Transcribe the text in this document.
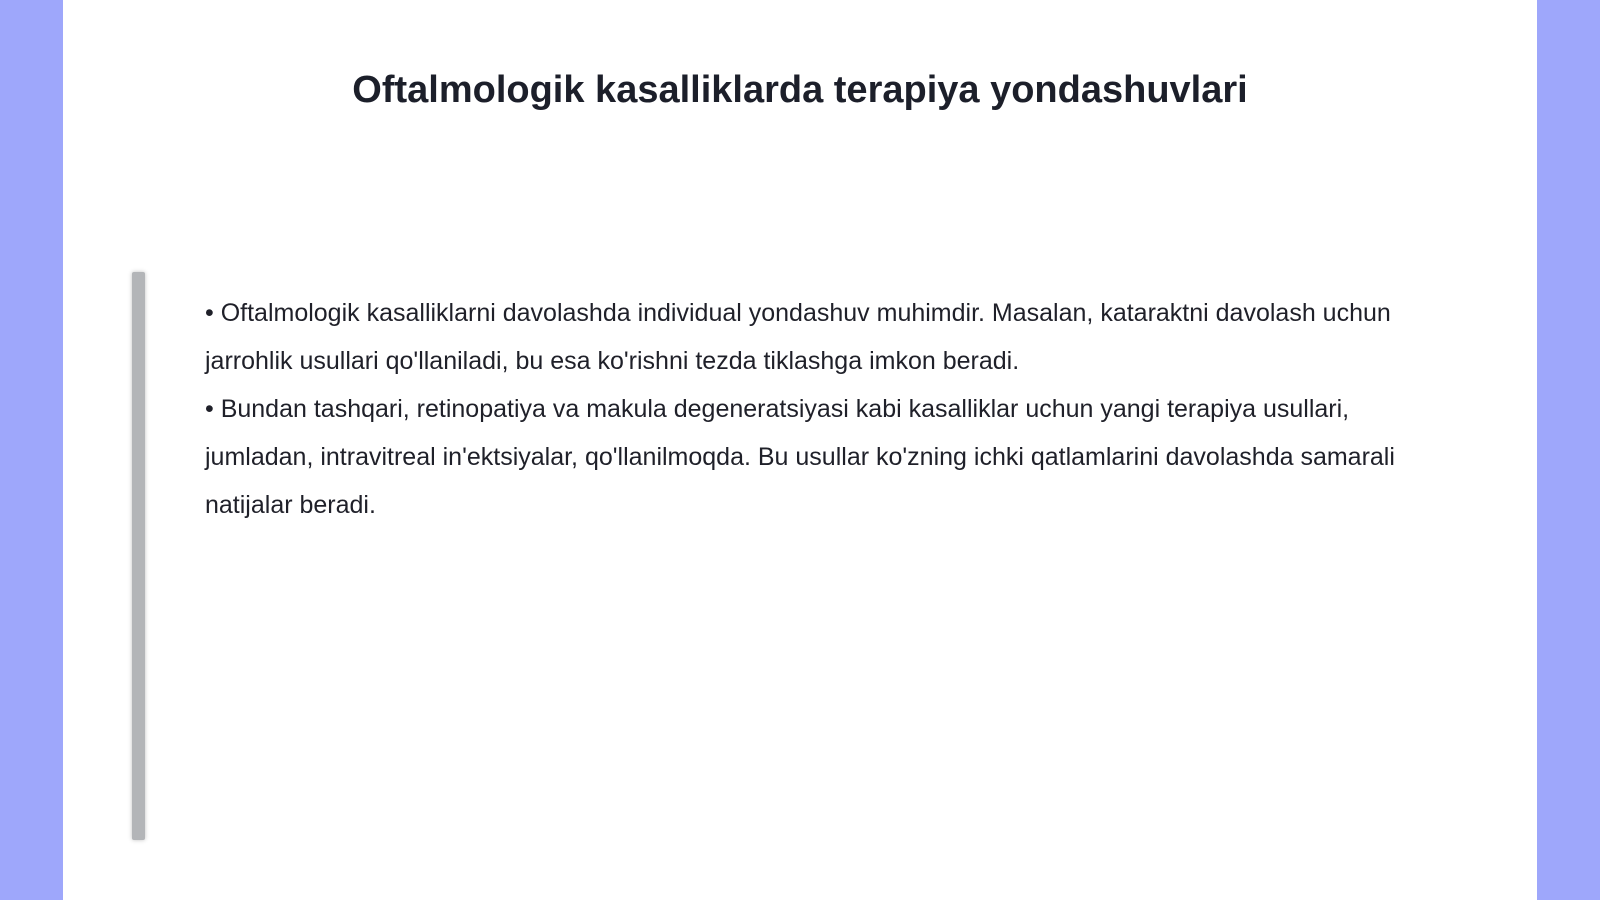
Oftalmologik kasalliklarda terapiya yondashuvlari

• Oftalmologik kasalliklarni davolashda individual yondashuv muhimdir. Masalan, kataraktni davolash uchun jarrohlik usullari qo'llaniladi, bu esa ko'rishni tezda tiklashga imkon beradi.

• Bundan tashqari, retinopatiya va makula degeneratsiyasi kabi kasalliklar uchun yangi terapiya usullari, jumladan, intravitreal in'ektsiyalar, qo'llanilmoqda. Bu usullar ko'zning ichki qatlamlarini davolashda samarali natijalar beradi.
